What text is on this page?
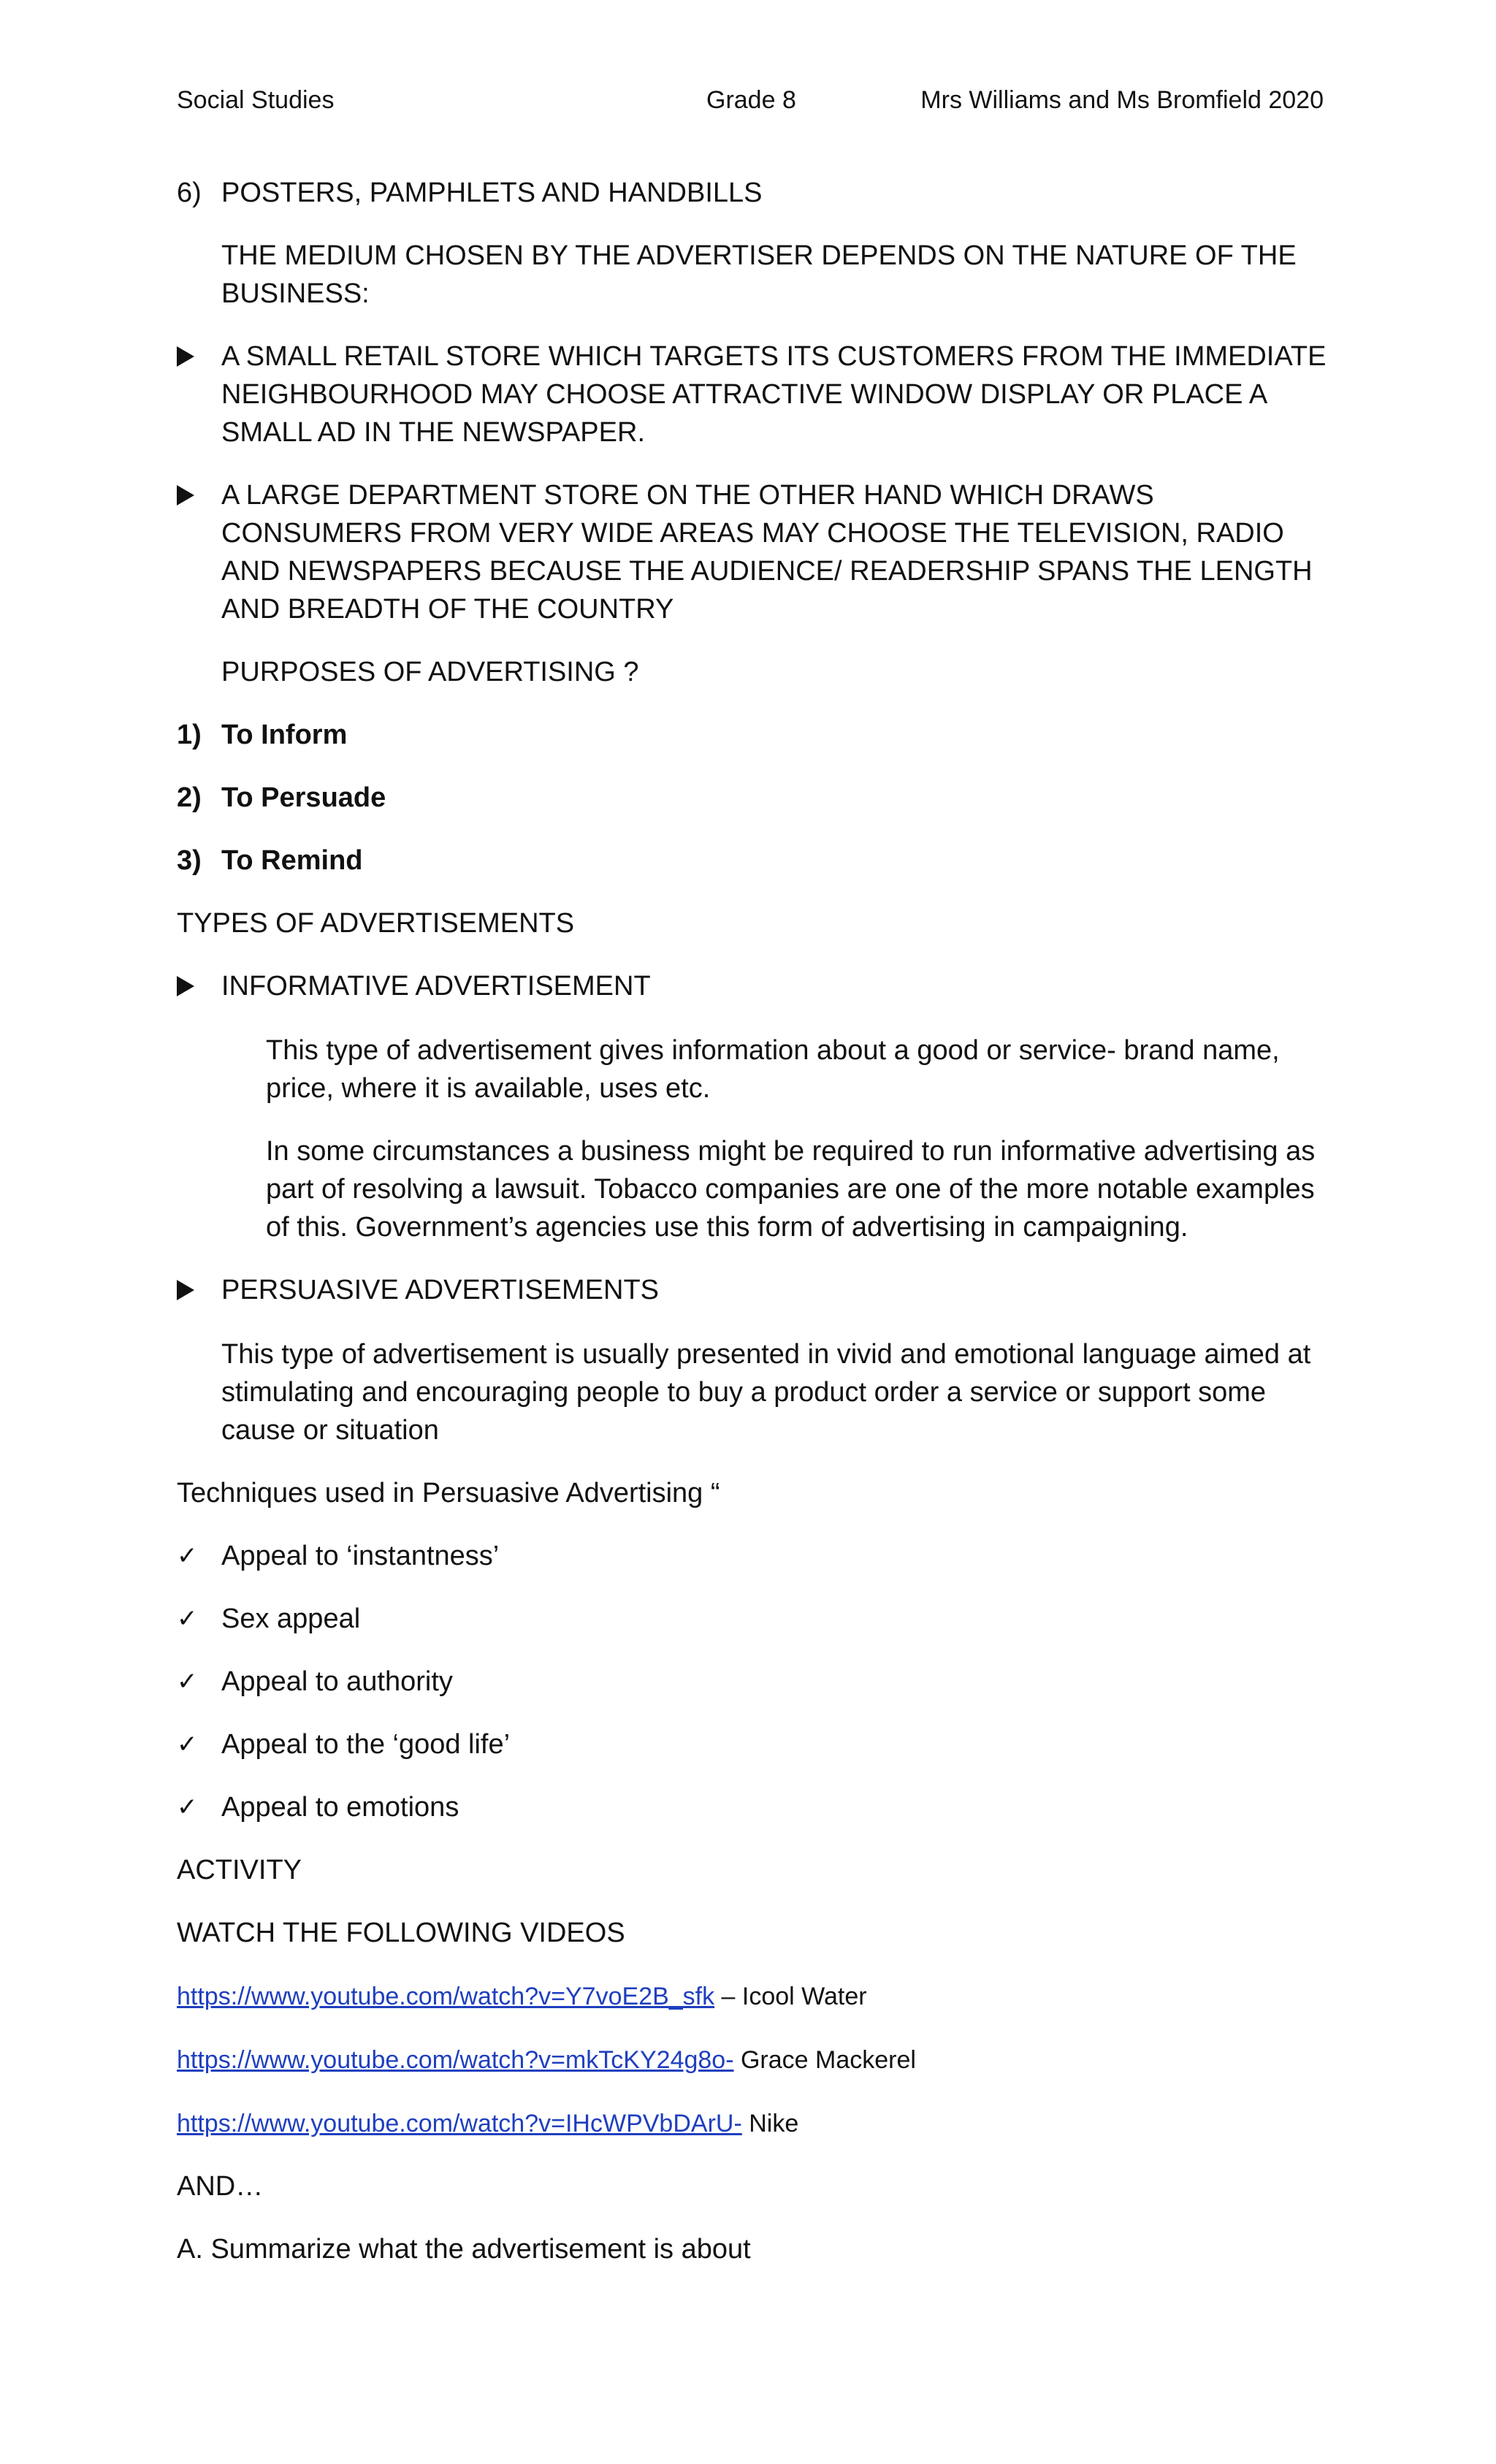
Social Studies	Grade 8	Mrs Williams and Ms Bromfield 2020
6) POSTERS, PAMPHLETS AND HANDBILLS

THE MEDIUM CHOSEN BY THE ADVERTISER DEPENDS ON THE NATURE OF THE BUSINESS:

A SMALL RETAIL STORE WHICH TARGETS ITS CUSTOMERS FROM THE IMMEDIATE NEIGHBOURHOOD MAY CHOOSE ATTRACTIVE WINDOW DISPLAY OR PLACE A SMALL AD IN THE NEWSPAPER.
A LARGE DEPARTMENT STORE ON THE OTHER HAND WHICH DRAWS CONSUMERS FROM VERY WIDE AREAS MAY CHOOSE THE TELEVISION, RADIO AND NEWSPAPERS BECAUSE THE AUDIENCE/ READERSHIP SPANS THE LENGTH AND BREADTH OF THE COUNTRY

PURPOSES OF ADVERTISING ?

1) To Inform
2) To Persuade
3) To Remind

TYPES OF ADVERTISEMENTS

INFORMATIVE ADVERTISEMENT

This type of advertisement gives information about a good or service- brand name, price, where it is available, uses etc.

In some circumstances a business might be required to run informative advertising as part of resolving a lawsuit. Tobacco companies are one of the more notable examples of this. Government’s agencies use this form of advertising in campaigning.

PERSUASIVE ADVERTISEMENTS

This type of advertisement is usually presented in vivid and emotional language aimed at stimulating and encouraging people to buy a product order a service or support some cause or situation

Techniques used in Persuasive Advertising “

✓ Appeal to ‘instantness’
✓ Sex appeal
✓ Appeal to authority
✓ Appeal to the ‘good life’
✓ Appeal to emotions

ACTIVITY

WATCH THE FOLLOWING VIDEOS

https://www.youtube.com/watch?v=Y7voE2B_sfk – Icool Water

https://www.youtube.com/watch?v=mkTcKY24g8o- Grace Mackerel

https://www.youtube.com/watch?v=IHcWPVbDArU- Nike

AND…

A. Summarize what the advertisement is about
